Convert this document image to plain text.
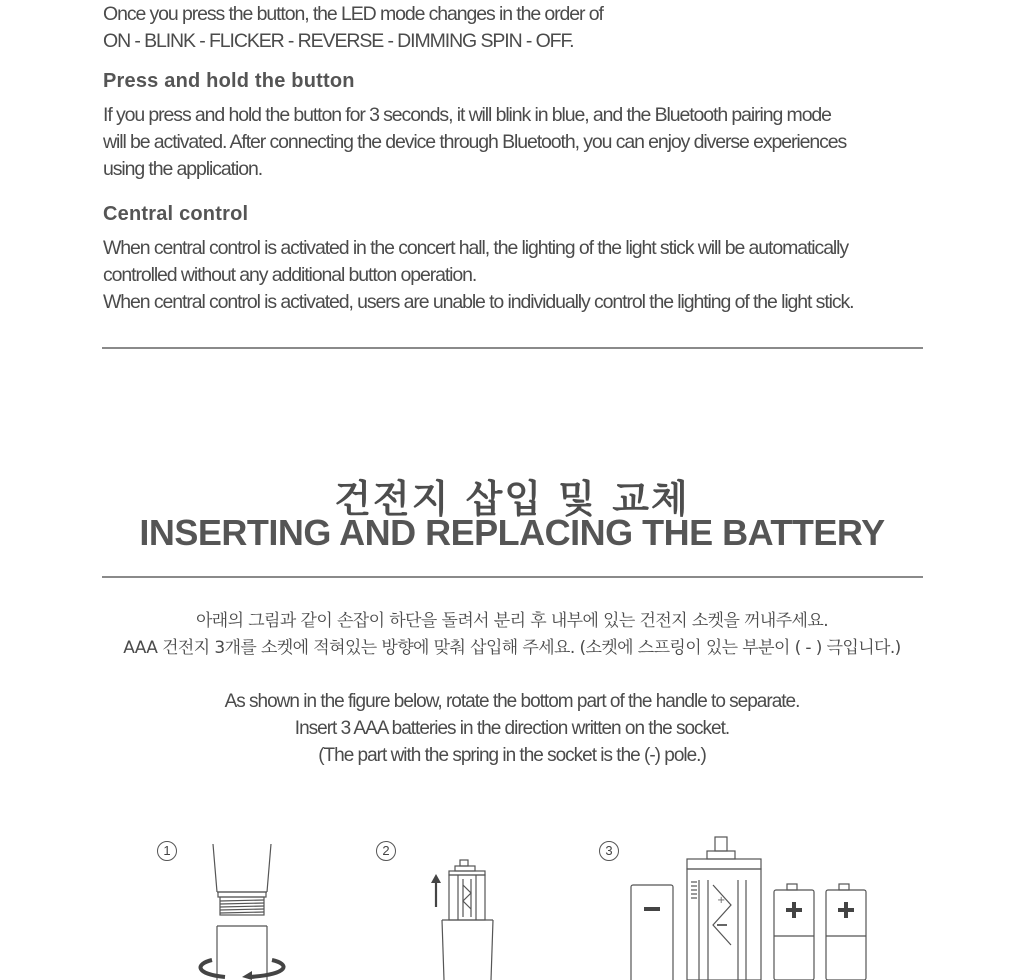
Once you press the button, the LED mode changes in the order of

ON - BLINK - FLICKER - REVERSE - DIMMING SPIN - OFF.

Press and hold the button

If you press and hold the button for 3 seconds, it will blink in blue, and the Bluetooth pairing mode

will be activated. After connecting the device through Bluetooth, you can enjoy diverse experiences

using the application.

Central control

When central control is activated in the concert hall, the lighting of the light stick will be automatically

controlled without any additional button operation.

When central control is activated, users are unable to individually control the lighting of the light stick.

건전지 삽입 및 교체
INSERTING AND REPLACING THE BATTERY
아래의 그림과 같이 손잡이 하단을 돌려서 분리 후 내부에 있는 건전지 소켓을 꺼내주세요.
AAA 건전지 3개를 소켓에 적혀있는 방향에 맞춰 삽입해 주세요. (소켓에 스프링이 있는 부분이 ( - ) 극입니다.)
As shown in the figure below, rotate the bottom part of the handle to separate.
Insert 3 AAA batteries in the direction written on the socket.
(The part with the spring in the socket is the (-) pole.)
1	2	3
+
